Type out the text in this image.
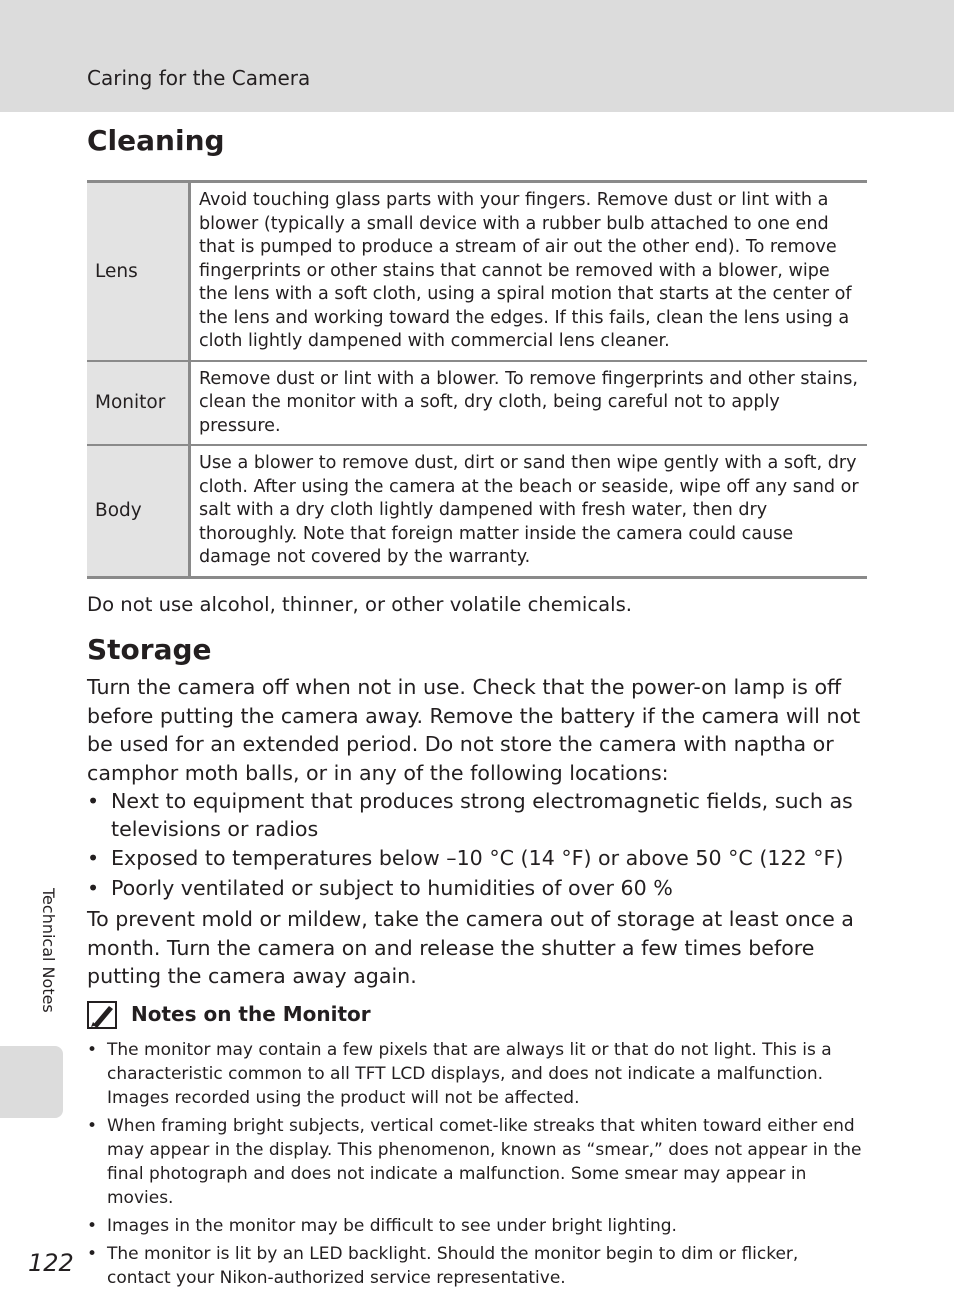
Caring for the Camera
Cleaning
Lens	Avoid touching glass parts with your fingers. Remove dust or lint with a blower (typically a small device with a rubber bulb attached to one end that is pumped to produce a stream of air out the other end). To remove fingerprints or other stains that cannot be removed with a blower, wipe the lens with a soft cloth, using a spiral motion that starts at the center of the lens and working toward the edges. If this fails, clean the lens using a cloth lightly dampened with commercial lens cleaner.
Monitor	Remove dust or lint with a blower. To remove fingerprints and other stains, clean the monitor with a soft, dry cloth, being careful not to apply pressure.
Body	Use a blower to remove dust, dirt or sand then wipe gently with a soft, dry cloth. After using the camera at the beach or seaside, wipe off any sand or salt with a dry cloth lightly dampened with fresh water, then dry thoroughly. Note that foreign matter inside the camera could cause damage not covered by the warranty.
Do not use alcohol, thinner, or other volatile chemicals.
Storage
Turn the camera off when not in use. Check that the power-on lamp is off before putting the camera away. Remove the battery if the camera will not be used for an extended period. Do not store the camera with naptha or camphor moth balls, or in any of the following locations:
• Next to equipment that produces strong electromagnetic fields, such as televisions or radios
• Exposed to temperatures below –10 °C (14 °F) or above 50 °C (122 °F)
• Poorly ventilated or subject to humidities of over 60 %
To prevent mold or mildew, take the camera out of storage at least once a month. Turn the camera on and release the shutter a few times before putting the camera away again.
Notes on the Monitor
• The monitor may contain a few pixels that are always lit or that do not light. This is a characteristic common to all TFT LCD displays, and does not indicate a malfunction. Images recorded using the product will not be affected.
• When framing bright subjects, vertical comet-like streaks that whiten toward either end may appear in the display. This phenomenon, known as “smear,” does not appear in the final photograph and does not indicate a malfunction. Some smear may appear in movies.
• Images in the monitor may be difficult to see under bright lighting.
• The monitor is lit by an LED backlight. Should the monitor begin to dim or flicker, contact your Nikon-authorized service representative.
Technical Notes
122
